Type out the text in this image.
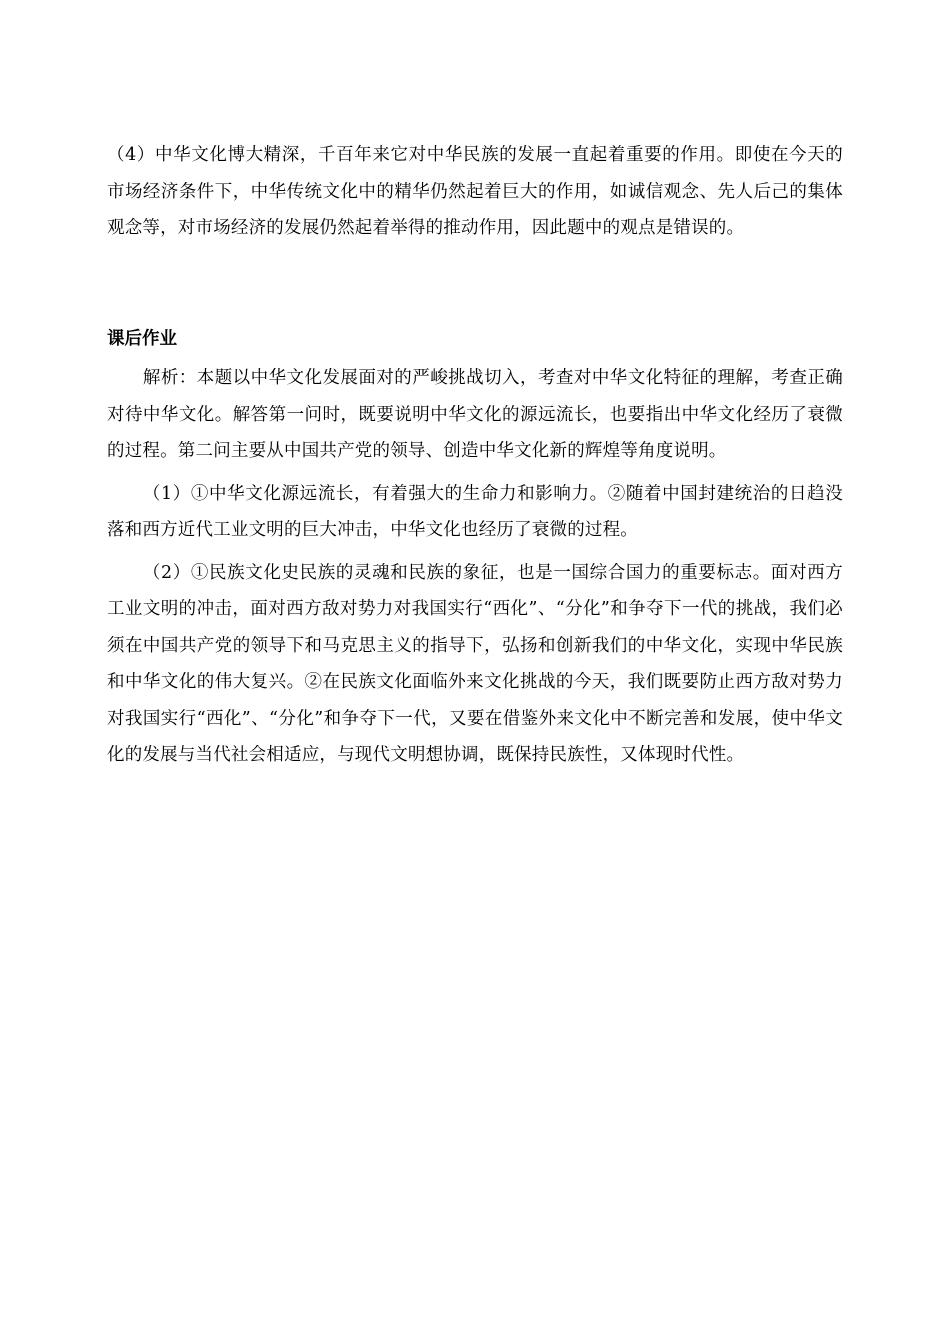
（4）中华文化博大精深，千百年来它对中华民族的发展一直起着重要的作用。即使在今天的市场经济条件下，中华传统文化中的精华仍然起着巨大的作用，如诚信观念、先人后己的集体观念等，对市场经济的发展仍然起着举得的推动作用，因此题中的观点是错误的。

课后作业

解析：本题以中华文化发展面对的严峻挑战切入，考查对中华文化特征的理解，考查正确对待中华文化。解答第一问时，既要说明中华文化的源远流长，也要指出中华文化经历了衰微的过程。第二问主要从中国共产党的领导、创造中华文化新的辉煌等角度说明。

（1）①中华文化源远流长，有着强大的生命力和影响力。②随着中国封建统治的日趋没落和西方近代工业文明的巨大冲击，中华文化也经历了衰微的过程。

（2）①民族文化史民族的灵魂和民族的象征，也是一国综合国力的重要标志。面对西方工业文明的冲击，面对西方敌对势力对我国实行“西化”、“分化”和争夺下一代的挑战，我们必须在中国共产党的领导下和马克思主义的指导下，弘扬和创新我们的中华文化，实现中华民族和中华文化的伟大复兴。②在民族文化面临外来文化挑战的今天，我们既要防止西方敌对势力对我国实行“西化”、“分化”和争夺下一代，又要在借鉴外来文化中不断完善和发展，使中华文化的发展与当代社会相适应，与现代文明想协调，既保持民族性，又体现时代性。
